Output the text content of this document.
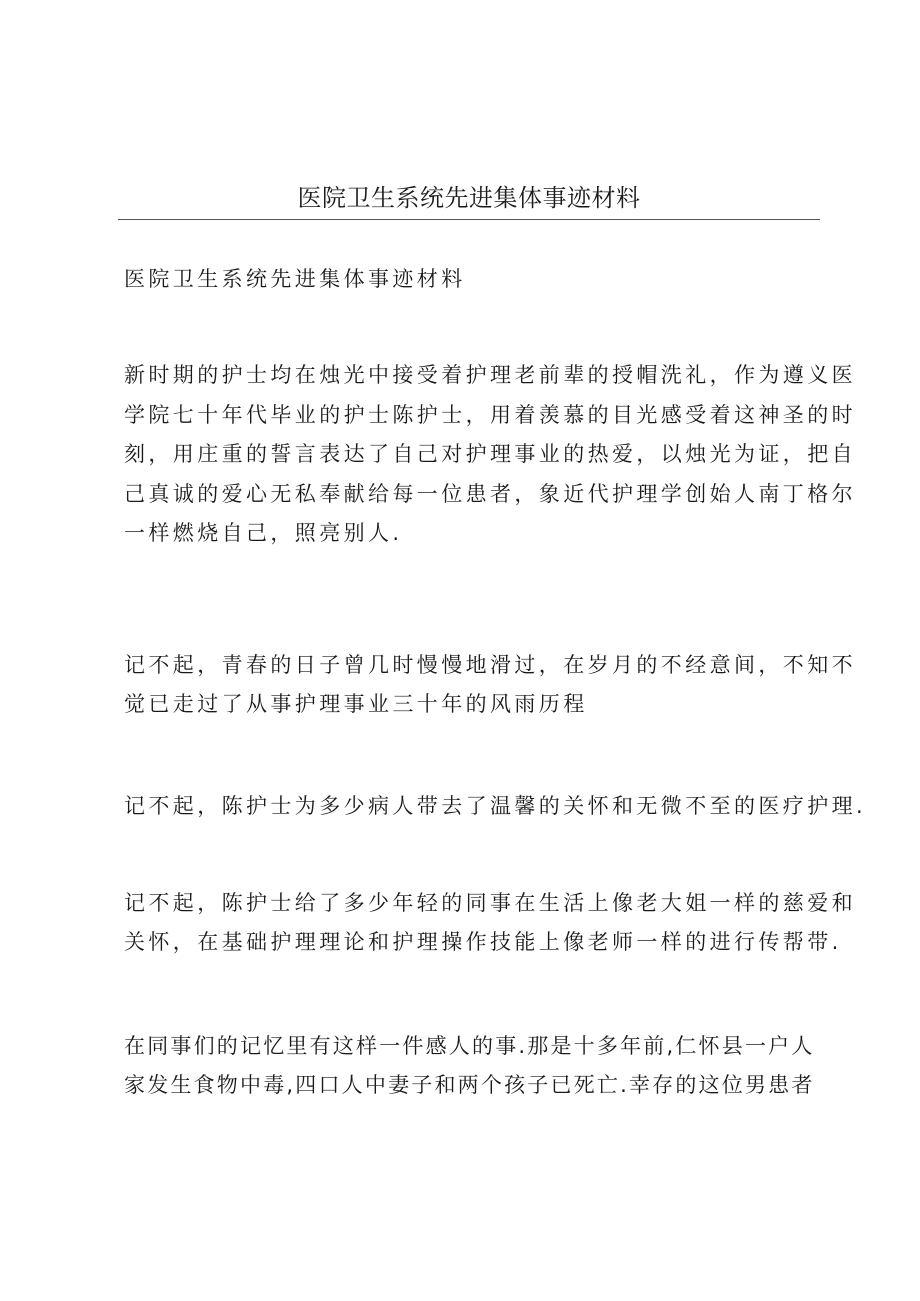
医院卫生系统先进集体事迹材料
医院卫生系统先进集体事迹材料
新时期的护士均在烛光中接受着护理老前辈的授帽洗礼，作为遵义医
学院七十年代毕业的护士陈护士，用着羡慕的目光感受着这神圣的时
刻，用庄重的誓言表达了自己对护理事业的热爱，以烛光为证，把自
己真诚的爱心无私奉献给每一位患者，象近代护理学创始人南丁格尔
一样燃烧自己，照亮别人.
记不起，青春的日子曾几时慢慢地滑过，在岁月的不经意间，不知不
觉已走过了从事护理事业三十年的风雨历程
记不起，陈护士为多少病人带去了温馨的关怀和无微不至的医疗护理.
记不起，陈护士给了多少年轻的同事在生活上像老大姐一样的慈爱和
关怀，在基础护理理论和护理操作技能上像老师一样的进行传帮带.
在同事们的记忆里有这样一件感人的事.那是十多年前,仁怀县一户人
家发生食物中毒,四口人中妻子和两个孩子已死亡.幸存的这位男患者
